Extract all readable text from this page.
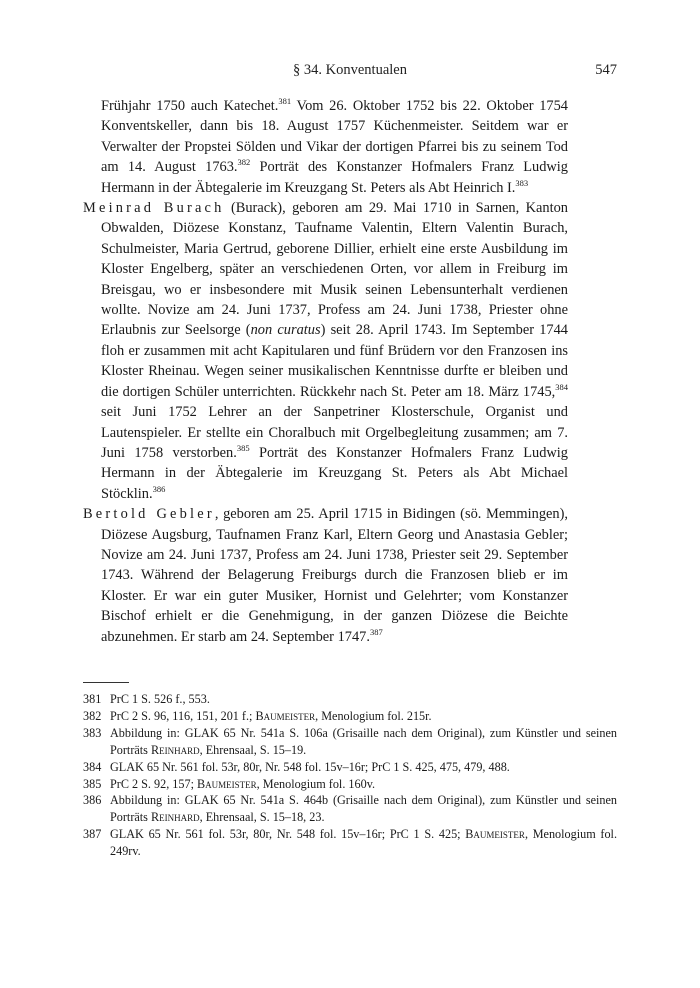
§ 34. Konventualen	547

Frühjahr 1750 auch Katechet.$^{381}$ Vom 26. Oktober 1752 bis 22. Oktober 1754 Konventskeller, dann bis 18. August 1757 Küchenmeister. Seitdem war er Verwalter der Propstei Sölden und Vikar der dortigen Pfarrei bis zu seinem Tod am 14. August 1763.$^{382}$ Porträt des Konstanzer Hofmalers Franz Ludwig Hermann in der Äbtegalerie im Kreuzgang St. Peters als Abt Heinrich I.$^{383}$

Meinrad Burach (Burack), geboren am 29. Mai 1710 in Sarnen, Kanton Obwalden, Diözese Konstanz, Taufname Valentin, Eltern Valentin Burach, Schulmeister, Maria Gertrud, geborene Dillier, erhielt eine erste Ausbildung im Kloster Engelberg, später an verschiedenen Orten, vor allem in Freiburg im Breisgau, wo er insbesondere mit Musik seinen Lebensunterhalt verdienen wollte. Novize am 24. Juni 1737, Profess am 24. Juni 1738, Priester ohne Erlaubnis zur Seelsorge (non curatus) seit 28. April 1743. Im September 1744 floh er zusammen mit acht Kapitularen und fünf Brüdern vor den Franzosen ins Kloster Rheinau. Wegen seiner musikalischen Kenntnisse durfte er bleiben und die dortigen Schüler unterrichten. Rückkehr nach St. Peter am 18. März 1745,$^{384}$ seit Juni 1752 Lehrer an der Sanpetriner Klosterschule, Organist und Lautenspieler. Er stellte ein Choralbuch mit Orgelbegleitung zusammen; am 7. Juni 1758 verstorben.$^{385}$ Porträt des Konstanzer Hofmalers Franz Ludwig Hermann in der Äbtegalerie im Kreuzgang St. Peters als Abt Michael Stöcklin.$^{386}$

Bertold Gebler, geboren am 25. April 1715 in Bidingen (sö. Memmingen), Diözese Augsburg, Taufnamen Franz Karl, Eltern Georg und Anastasia Gebler; Novize am 24. Juni 1737, Profess am 24. Juni 1738, Priester seit 29. September 1743. Während der Belagerung Freiburgs durch die Franzosen blieb er im Kloster. Er war ein guter Musiker, Hornist und Gelehrter; vom Konstanzer Bischof erhielt er die Genehmigung, in der ganzen Diözese die Beichte abzunehmen. Er starb am 24. September 1747.$^{387}$

381 PrC 1 S. 526 f., 553.

382 PrC 2 S. 96, 116, 151, 201 f.; Baumeister, Menologium fol. 215r.

383 Abbildung in: GLAK 65 Nr. 541a S. 106a (Grisaille nach dem Original), zum Künstler und seinen Porträts Reinhard, Ehrensaal, S. 15–19.

384 GLAK 65 Nr. 561 fol. 53r, 80r, Nr. 548 fol. 15v–16r; PrC 1 S. 425, 475, 479, 488.

385 PrC 2 S. 92, 157; Baumeister, Menologium fol. 160v.

386 Abbildung in: GLAK 65 Nr. 541a S. 464b (Grisaille nach dem Original), zum Künstler und seinen Porträts Reinhard, Ehrensaal, S. 15–18, 23.

387 GLAK 65 Nr. 561 fol. 53r, 80r, Nr. 548 fol. 15v–16r; PrC 1 S. 425; Baumeister, Menologium fol. 249rv.
